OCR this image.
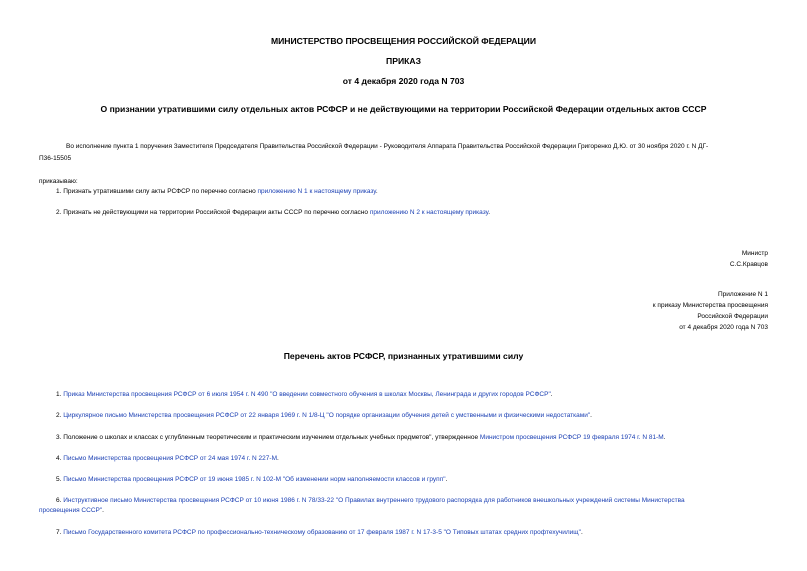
МИНИСТЕРСТВО ПРОСВЕЩЕНИЯ РОССИЙСКОЙ ФЕДЕРАЦИИ
ПРИКАЗ
от 4 декабря 2020 года N 703
О признании утратившими силу отдельных актов РСФСР и не действующими на территории Российской Федерации отдельных актов СССР
Во исполнение пункта 1 поручения Заместителя Председателя Правительства Российской Федерации - Руководителя Аппарата Правительства Российской Федерации Григоренко Д.Ю. от 30 ноября 2020 г. N ДГ-
П36-15505
приказываю:
1. Признать утратившими силу акты РСФСР по перечню согласно приложению N 1 к настоящему приказу.
2. Признать не действующими на территории Российской Федерации акты СССР по перечню согласно приложению N 2 к настоящему приказу.
Министр
С.С.Кравцов
Приложение N 1
к приказу Министерства просвещения
Российской Федерации
от 4 декабря 2020 года N 703
Перечень актов РСФСР, признанных утратившими силу
1. Приказ Министерства просвещения РСФСР от 6 июля 1954 г. N 490 "О введении совместного обучения в школах Москвы, Ленинграда и других городов РСФСР".
2. Циркулярное письмо Министерства просвещения РСФСР от 22 января 1969 г. N 1/8-Ц "О порядке организации обучения детей с умственными и физическими недостатками".
3. Положение о школах и классах с углубленным теоретическим и практическим изучением отдельных учебных предметов", утвержденное Министром просвещения РСФСР 19 февраля 1974 г. N 81-М.
4. Письмо Министерства просвещения РСФСР от 24 мая 1974 г. N 227-М.
5. Письмо Министерства просвещения РСФСР от 19 июня 1985 г. N 102-М "Об изменении норм наполняемости классов и групп".
6. Инструктивное письмо Министерства просвещения РСФСР от 10 июня 1986 г. N 78/33-22 "О Правилах внутреннего трудового распорядка для работников внешкольных учреждений системы Министерства
просвещения СССР".
7. Письмо Государственного комитета РСФСР по профессионально-техническому образованию от 17 февраля 1987 г. N 17-3-5 "О Типовых штатах средних профтехучилищ".
